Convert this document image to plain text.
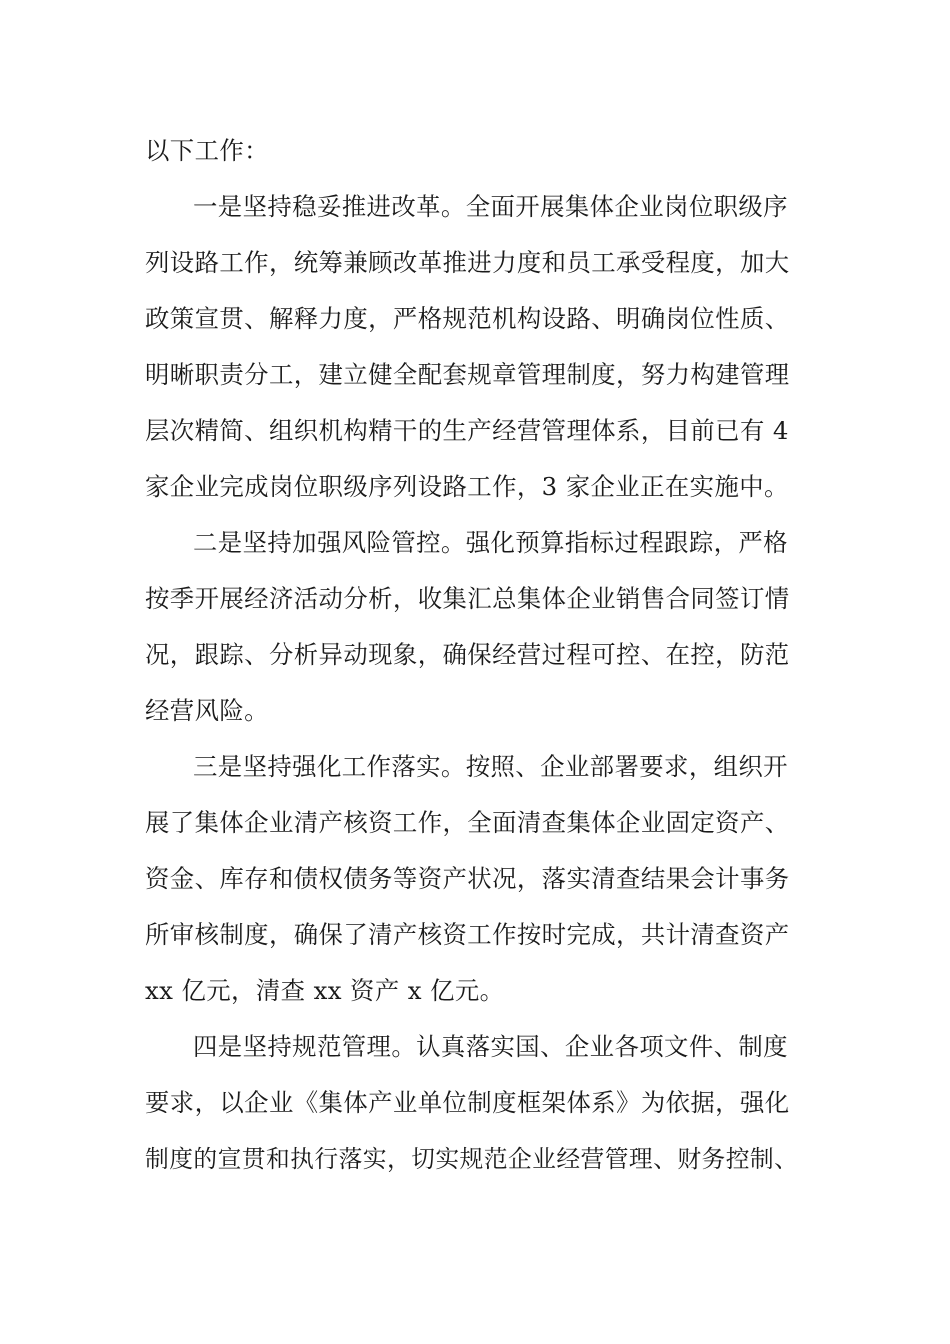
以下工作：
一是坚持稳妥推进改革。全面开展集体企业岗位职级序
列设路工作，统筹兼顾改革推进力度和员工承受程度，加大
政策宣贯、解释力度，严格规范机构设路、明确岗位性质、
明晰职责分工，建立健全配套规章管理制度，努力构建管理
层次精简、组织机构精干的生产经营管理体系，目前已有 4
家企业完成岗位职级序列设路工作，3 家企业正在实施中。
二是坚持加强风险管控。强化预算指标过程跟踪，严格
按季开展经济活动分析，收集汇总集体企业销售合同签订情
况，跟踪、分析异动现象，确保经营过程可控、在控，防范
经营风险。
三是坚持强化工作落实。按照、企业部署要求，组织开
展了集体企业清产核资工作，全面清查集体企业固定资产、
资金、库存和债权债务等资产状况，落实清查结果会计事务
所审核制度，确保了清产核资工作按时完成，共计清查资产
xx 亿元，清查 xx 资产 x 亿元。
四是坚持规范管理。认真落实国、企业各项文件、制度
要求，以企业《集体产业单位制度框架体系》为依据，强化
制度的宣贯和执行落实，切实规范企业经营管理、财务控制、
